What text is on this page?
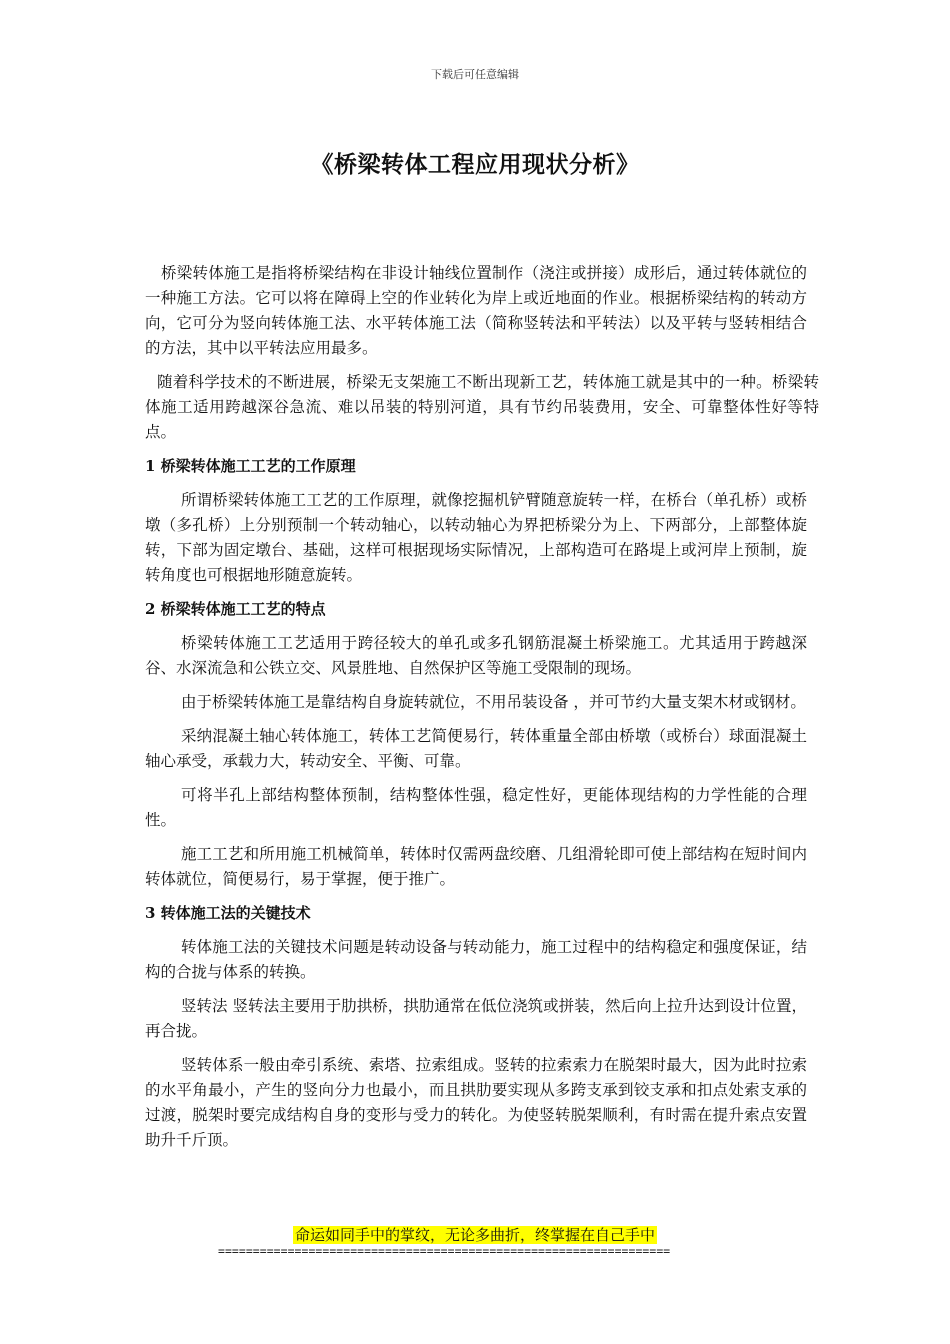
下载后可任意编辑
《桥梁转体工程应用现状分析》

桥梁转体施工是指将桥梁结构在非设计轴线位置制作（浇注或拼接）成形后，通过转体就位的一种施工方法。它可以将在障碍上空的作业转化为岸上或近地面的作业。根据桥梁结构的转动方向，它可分为竖向转体施工法、水平转体施工法（简称竖转法和平转法）以及平转与竖转相结合的方法，其中以平转法应用最多。

随着科学技术的不断进展，桥梁无支架施工不断出现新工艺，转体施工就是其中的一种。桥梁转体施工适用跨越深谷急流、难以吊装的特别河道，具有节约吊装费用，安全、可靠整体性好等特点。

1 桥梁转体施工工艺的工作原理

所谓桥梁转体施工工艺的工作原理，就像挖掘机铲臂随意旋转一样，在桥台（单孔桥）或桥墩（多孔桥）上分别预制一个转动轴心，以转动轴心为界把桥梁分为上、下两部分，上部整体旋转，下部为固定墩台、基础，这样可根据现场实际情况，上部构造可在路堤上或河岸上预制，旋转角度也可根据地形随意旋转。

2 桥梁转体施工工艺的特点

桥梁转体施工工艺适用于跨径较大的单孔或多孔钢筋混凝土桥梁施工。尤其适用于跨越深谷、水深流急和公铁立交、风景胜地、自然保护区等施工受限制的现场。

由于桥梁转体施工是靠结构自身旋转就位，不用吊装设备 ，并可节约大量支架木材或钢材。

采纳混凝土轴心转体施工，转体工艺简便易行，转体重量全部由桥墩（或桥台）球面混凝土轴心承受，承载力大，转动安全、平衡、可靠。

可将半孔上部结构整体预制，结构整体性强，稳定性好，更能体现结构的力学性能的合理性。

施工工艺和所用施工机械简单，转体时仅需两盘绞磨、几组滑轮即可使上部结构在短时间内转体就位，简便易行，易于掌握，便于推广。

3 转体施工法的关键技术

转体施工法的关键技术问题是转动设备与转动能力，施工过程中的结构稳定和强度保证，结构的合拢与体系的转换。

竖转法 竖转法主要用于肋拱桥，拱肋通常在低位浇筑或拼装，然后向上拉升达到设计位置，再合拢。

竖转体系一般由牵引系统、索塔、拉索组成。竖转的拉索索力在脱架时最大，因为此时拉索的水平角最小，产生的竖向分力也最小，而且拱肋要实现从多跨支承到铰支承和扣点处索支承的过渡，脱架时要完成结构自身的变形与受力的转化。为使竖转脱架顺利，有时需在提升索点安置助升千斤顶。

命运如同手中的掌纹，无论多曲折，终掌握在自己手中
=================================================================
